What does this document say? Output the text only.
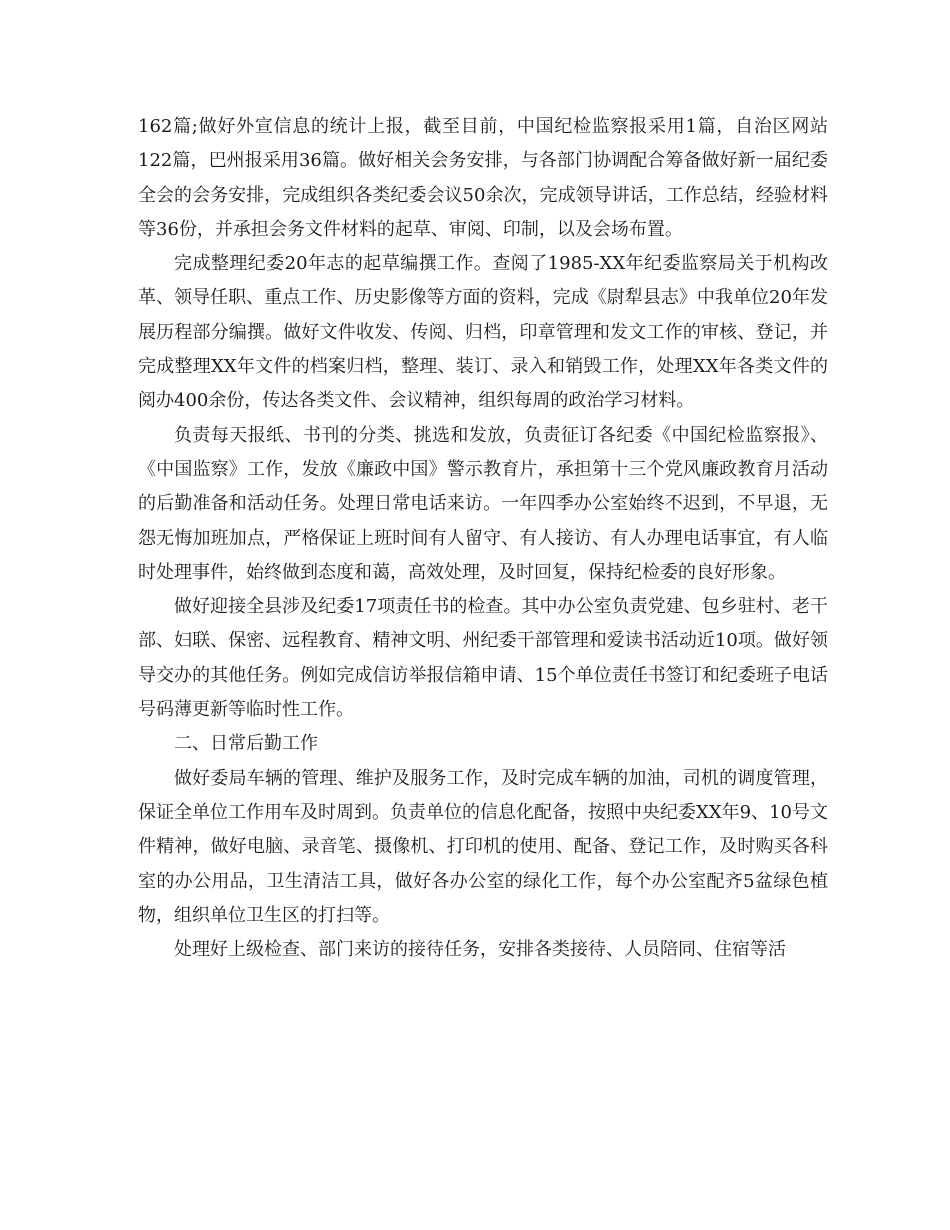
162篇;做好外宣信息的统计上报，截至目前，中国纪检监察报采用1篇，自治区网站122篇，巴州报采用36篇。做好相关会务安排，与各部门协调配合筹备做好新一届纪委全会的会务安排，完成组织各类纪委会议50余次，完成领导讲话，工作总结，经验材料等36份，并承担会务文件材料的起草、审阅、印制，以及会场布置。

完成整理纪委20年志的起草编撰工作。查阅了1985-XX年纪委监察局关于机构改革、领导任职、重点工作、历史影像等方面的资料，完成《尉犁县志》中我单位20年发展历程部分编撰。做好文件收发、传阅、归档，印章管理和发文工作的审核、登记，并完成整理XX年文件的档案归档，整理、装订、录入和销毁工作，处理XX年各类文件的阅办400余份，传达各类文件、会议精神，组织每周的政治学习材料。

负责每天报纸、书刊的分类、挑选和发放，负责征订各纪委《中国纪检监察报》、《中国监察》工作，发放《廉政中国》警示教育片，承担第十三个党风廉政教育月活动的后勤准备和活动任务。处理日常电话来访。一年四季办公室始终不迟到，不早退，无怨无悔加班加点，严格保证上班时间有人留守、有人接访、有人办理电话事宜，有人临时处理事件，始终做到态度和蔼，高效处理，及时回复，保持纪检委的良好形象。

做好迎接全县涉及纪委17项责任书的检查。其中办公室负责党建、包乡驻村、老干部、妇联、保密、远程教育、精神文明、州纪委干部管理和爱读书活动近10项。做好领导交办的其他任务。例如完成信访举报信箱申请、15个单位责任书签订和纪委班子电话号码薄更新等临时性工作。

二、日常后勤工作

做好委局车辆的管理、维护及服务工作，及时完成车辆的加油，司机的调度管理，保证全单位工作用车及时周到。负责单位的信息化配备，按照中央纪委XX年9、10号文件精神，做好电脑、录音笔、摄像机、打印机的使用、配备、登记工作，及时购买各科室的办公用品，卫生清洁工具，做好各办公室的绿化工作，每个办公室配齐5盆绿色植物，组织单位卫生区的打扫等。

处理好上级检查、部门来访的接待任务，安排各类接待、人员陪同、住宿等活
